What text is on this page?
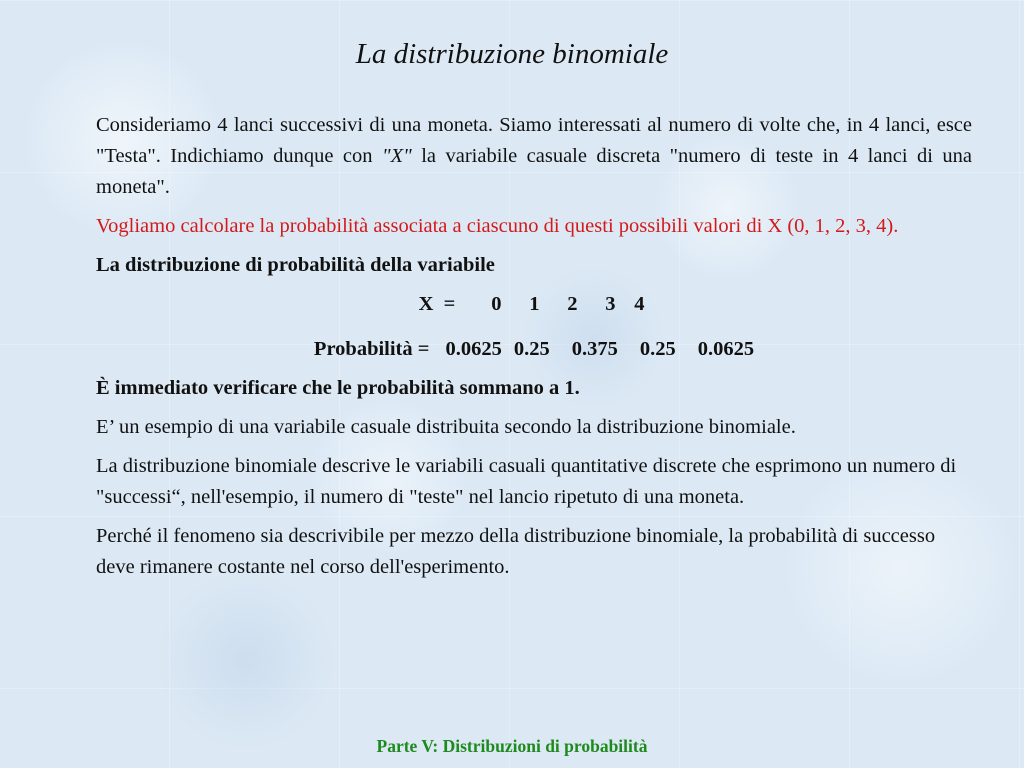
La distribuzione binomiale

Consideriamo 4 lanci successivi di una moneta. Siamo interessati al numero di volte che, in 4 lanci, esce "Testa". Indichiamo dunque con "X" la variabile casuale discreta "numero di teste in 4 lanci di una moneta".

Vogliamo calcolare la probabilità associata a ciascuno di questi possibili valori di X (0, 1, 2, 3, 4).

La distribuzione di probabilità della variabile

X  = 0 1 2 3 4

Probabilità = 0.0625 0.25 0.375 0.25 0.0625

È immediato verificare che le probabilità sommano a 1.

E’ un esempio di una variabile casuale distribuita secondo la distribuzione binomiale.

La distribuzione binomiale descrive le variabili casuali quantitative discrete che esprimono un numero di "successi“, nell'esempio, il numero di "teste" nel lancio ripetuto di una moneta.

Perché il fenomeno sia descrivibile per mezzo della distribuzione binomiale, la probabilità di successo deve rimanere costante nel corso dell'esperimento.

Parte V: Distribuzioni di probabilità
